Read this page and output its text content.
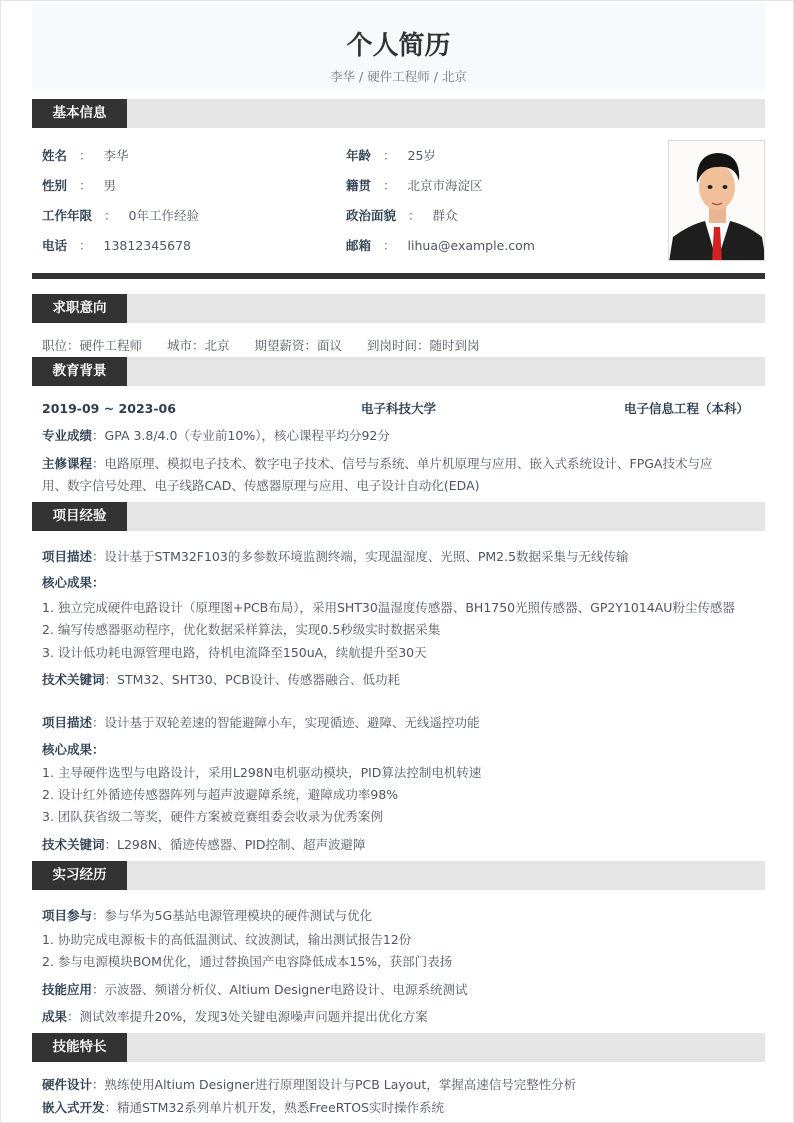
个人简历
李华 / 硬件工程师 / 北京
基本信息
姓名 ： 李华	年龄 ： 25岁
性别 ： 男	籍贯 ： 北京市海淀区
工作年限 ： 0年工作经验	政治面貌 ： 群众
电话 ： 13812345678	邮箱 ： lihua@example.com
求职意向
职位：硬件工程师　　城市：北京　　期望薪资：面议　　到岗时间：随时到岗
教育背景
2019-09 ~ 2023-06	电子科技大学	电子信息工程（本科）
专业成绩：GPA 3.8/4.0（专业前10%），核心课程平均分92分
主修课程：电路原理、模拟电子技术、数字电子技术、信号与系统、单片机原理与应用、嵌入式系统设计、FPGA技术与应
用、数字信号处理、电子线路CAD、传感器原理与应用、电子设计自动化(EDA)
项目经验
项目描述：设计基于STM32F103的多参数环境监测终端，实现温湿度、光照、PM2.5数据采集与无线传输
核心成果：
1. 独立完成硬件电路设计（原理图+PCB布局），采用SHT30温湿度传感器、BH1750光照传感器、GP2Y1014AU粉尘传感器
2. 编写传感器驱动程序，优化数据采样算法，实现0.5秒级实时数据采集
3. 设计低功耗电源管理电路，待机电流降至150uA，续航提升至30天
技术关键词：STM32、SHT30、PCB设计、传感器融合、低功耗
项目描述：设计基于双轮差速的智能避障小车，实现循迹、避障、无线遥控功能
核心成果：
1. 主导硬件选型与电路设计，采用L298N电机驱动模块，PID算法控制电机转速
2. 设计红外循迹传感器阵列与超声波避障系统，避障成功率98%
3. 团队获省级二等奖，硬件方案被竞赛组委会收录为优秀案例
技术关键词：L298N、循迹传感器、PID控制、超声波避障
实习经历
项目参与：参与华为5G基站电源管理模块的硬件测试与优化
1. 协助完成电源板卡的高低温测试、纹波测试，输出测试报告12份
2. 参与电源模块BOM优化，通过替换国产电容降低成本15%，获部门表扬
技能应用：示波器、频谱分析仪、Altium Designer电路设计、电源系统测试
成果：测试效率提升20%，发现3处关键电源噪声问题并提出优化方案
技能特长
硬件设计：熟练使用Altium Designer进行原理图设计与PCB Layout，掌握高速信号完整性分析
嵌入式开发：精通STM32系列单片机开发，熟悉FreeRTOS实时操作系统
